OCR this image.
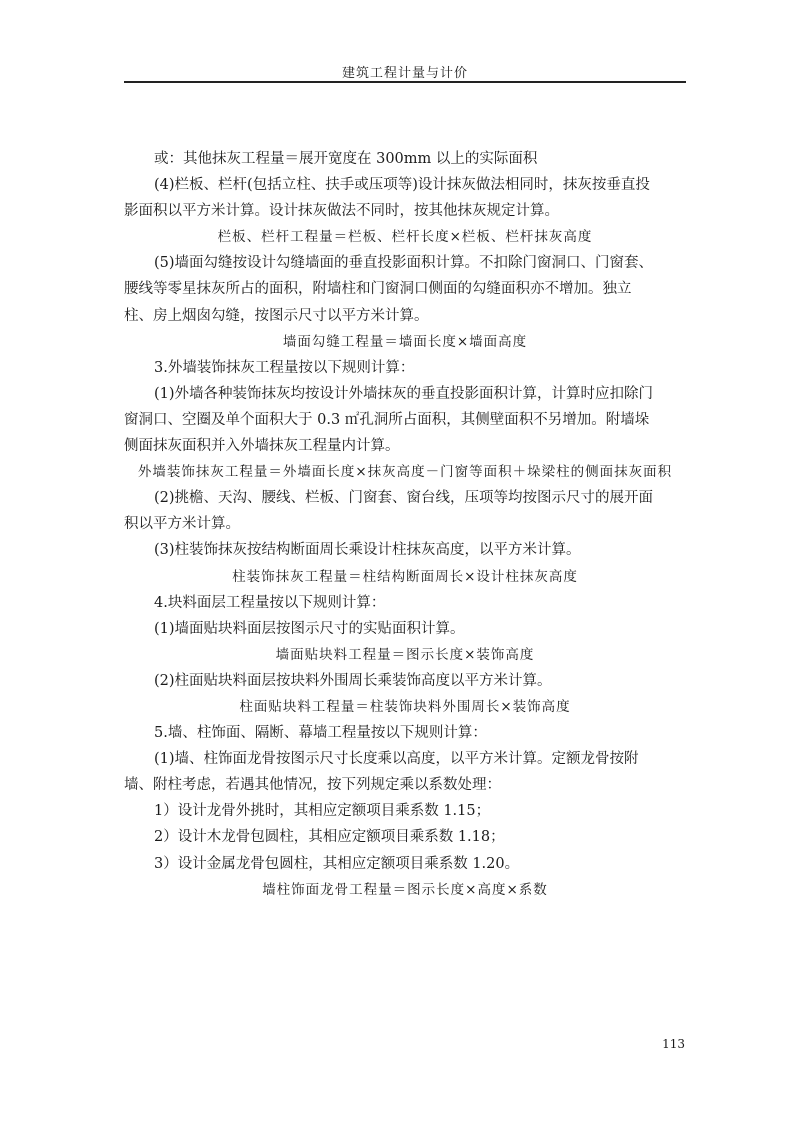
建筑工程计量与计价
或：其他抹灰工程量＝展开宽度在 300mm 以上的实际面积
(4)栏板、栏杆(包括立柱、扶手或压项等)设计抹灰做法相同时，抹灰按垂直投
影面积以平方米计算。设计抹灰做法不同时，按其他抹灰规定计算。
栏板、栏杆工程量＝栏板、栏杆长度×栏板、栏杆抹灰高度
(5)墙面勾缝按设计勾缝墙面的垂直投影面积计算。不扣除门窗洞口、门窗套、
腰线等零星抹灰所占的面积，附墙柱和门窗洞口侧面的勾缝面积亦不增加。独立
柱、房上烟囱勾缝，按图示尺寸以平方米计算。
墙面勾缝工程量＝墙面长度×墙面高度
3.外墙装饰抹灰工程量按以下规则计算：
(1)外墙各种装饰抹灰均按设计外墙抹灰的垂直投影面积计算，计算时应扣除门
窗洞口、空圈及单个面积大于 0.3 ㎡孔洞所占面积，其侧壁面积不另增加。附墙垛
侧面抹灰面积并入外墙抹灰工程量内计算。
外墙装饰抹灰工程量＝外墙面长度×抹灰高度－门窗等面积＋垛梁柱的侧面抹灰面积
(2)挑檐、天沟、腰线、栏板、门窗套、窗台线，压项等均按图示尺寸的展开面
积以平方米计算。
(3)柱装饰抹灰按结构断面周长乘设计柱抹灰高度，以平方米计算。
柱装饰抹灰工程量＝柱结构断面周长×设计柱抹灰高度
4.块料面层工程量按以下规则计算：
(1)墙面贴块料面层按图示尺寸的实贴面积计算。
墙面贴块料工程量＝图示长度×装饰高度
(2)柱面贴块料面层按块料外围周长乘装饰高度以平方米计算。
柱面贴块料工程量＝柱装饰块料外围周长×装饰高度
5.墙、柱饰面、隔断、幕墙工程量按以下规则计算：
(1)墙、柱饰面龙骨按图示尺寸长度乘以高度，以平方米计算。定额龙骨按附
墙、附柱考虑，若遇其他情况，按下列规定乘以系数处理：
1）设计龙骨外挑时，其相应定额项目乘系数 1.15；
2）设计木龙骨包圆柱，其相应定额项目乘系数 1.18；
3）设计金属龙骨包圆柱，其相应定额项目乘系数 1.20。
墙柱饰面龙骨工程量＝图示长度×高度×系数
113
